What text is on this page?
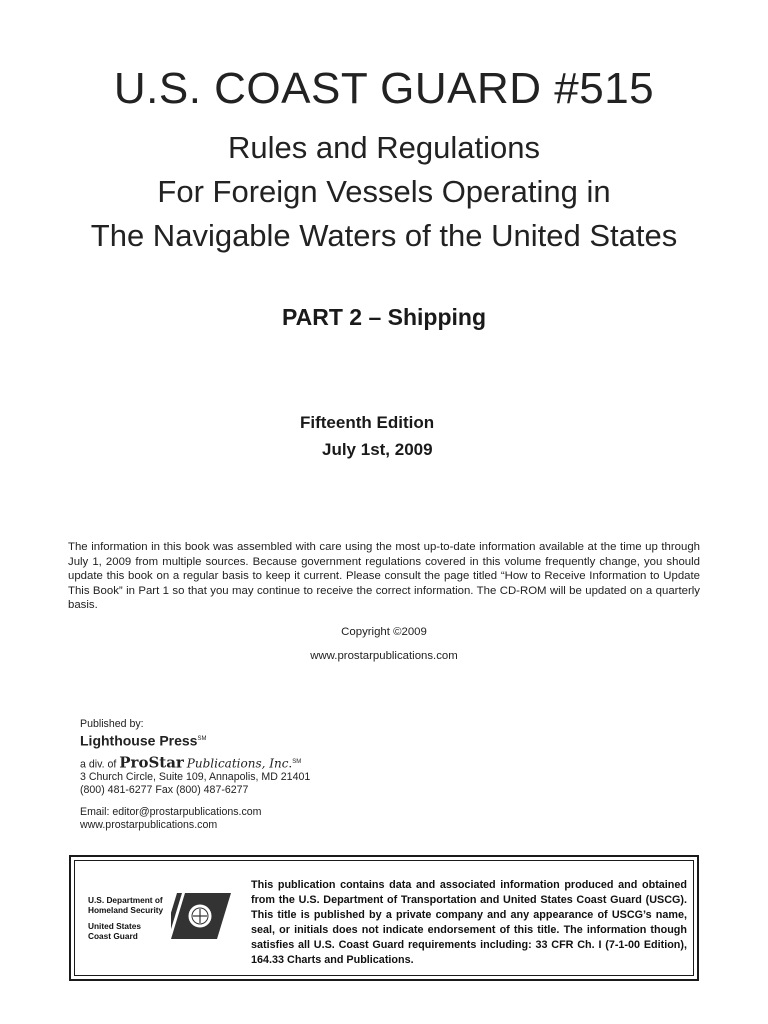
U.S. COAST GUARD #515
Rules and Regulations
For Foreign Vessels Operating in
The Navigable Waters of the United States
PART 2 – Shipping
Fifteenth Edition
July 1st, 2009
The information in this book was assembled with care using the most up-to-date information available at the time up through July 1, 2009 from multiple sources. Because government regulations covered in this volume frequently change, you should update this book on a regular basis to keep it current. Please consult the page titled “How to Receive Information to Update This Book” in Part 1 so that you may continue to receive the correct information. The CD-ROM will be updated on a quarterly basis.
Copyright ©2009
www.prostarpublications.com
Published by:
Lighthouse Press℠
a div. of ProStar Publications, Inc.℠
3 Church Circle, Suite 109, Annapolis, MD 21401
(800) 481-6277 Fax (800) 487-6277
Email: editor@prostarpublications.com
www.prostarpublications.com
U.S. Department of
Homeland Security
United States
Coast Guard
This publication contains data and associated information produced and obtained from the U.S. Department of Transportation and United States Coast Guard (USCG). This title is published by a private company and any appearance of USCG’s name, seal, or initials does not indicate endorsement of this title. The information though satisfies all U.S. Coast Guard requirements including: 33 CFR Ch. I (7-1-00 Edition), 164.33 Charts and Publications.
